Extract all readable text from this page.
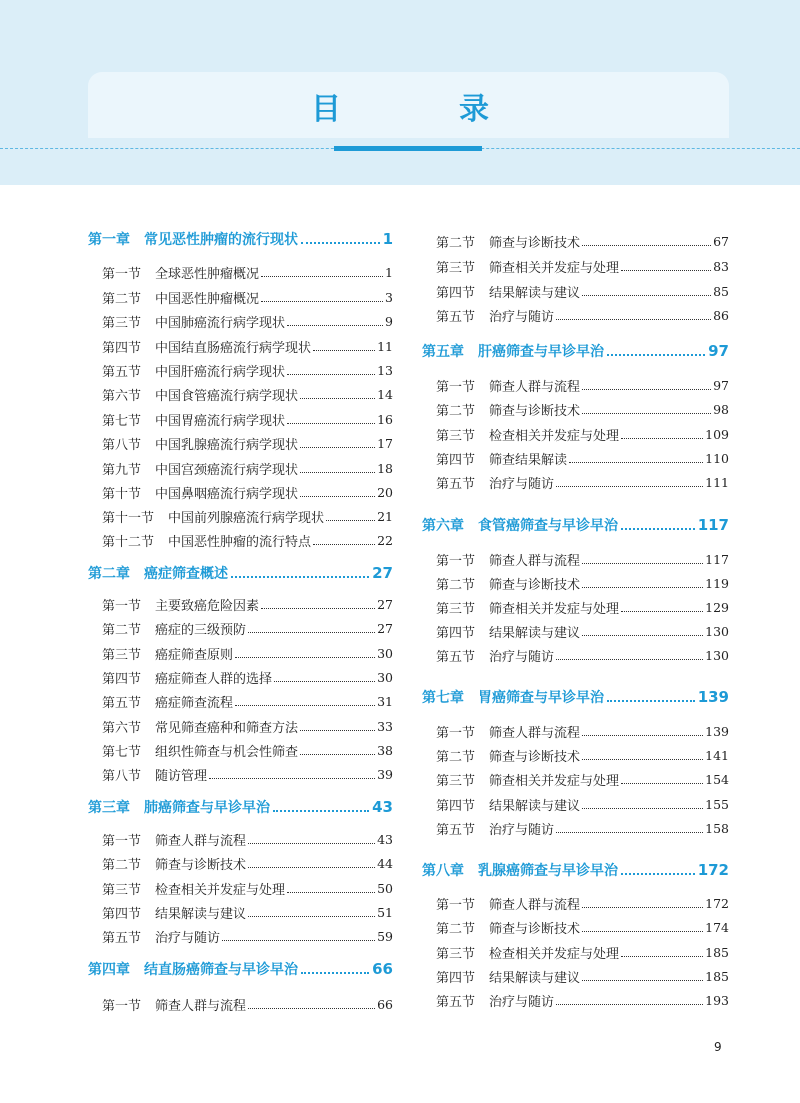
目　录
第一章 常见恶性肿瘤的流行现状	1
第一节 全球恶性肿瘤概况	1
第二节 中国恶性肿瘤概况	3
第三节 中国肺癌流行病学现状	9
第四节 中国结直肠癌流行病学现状	11
第五节 中国肝癌流行病学现状	13
第六节 中国食管癌流行病学现状	14
第七节 中国胃癌流行病学现状	16
第八节 中国乳腺癌流行病学现状	17
第九节 中国宫颈癌流行病学现状	18
第十节 中国鼻咽癌流行病学现状	20
第十一节 中国前列腺癌流行病学现状	21
第十二节 中国恶性肿瘤的流行特点	22
第二章 癌症筛查概述	27
第一节 主要致癌危险因素	27
第二节 癌症的三级预防	27
第三节 癌症筛查原则	30
第四节 癌症筛查人群的选择	30
第五节 癌症筛查流程	31
第六节 常见筛查癌种和筛查方法	33
第七节 组织性筛查与机会性筛查	38
第八节 随访管理	39
第三章 肺癌筛查与早诊早治	43
第一节 筛查人群与流程	43
第二节 筛查与诊断技术	44
第三节 检查相关并发症与处理	50
第四节 结果解读与建议	51
第五节 治疗与随访	59
第四章 结直肠癌筛查与早诊早治	66
第一节 筛查人群与流程	66
第二节 筛查与诊断技术	67
第三节 筛查相关并发症与处理	83
第四节 结果解读与建议	85
第五节 治疗与随访	86
第五章 肝癌筛查与早诊早治	97
第一节 筛查人群与流程	97
第二节 筛查与诊断技术	98
第三节 检查相关并发症与处理	109
第四节 筛查结果解读	110
第五节 治疗与随访	111
第六章 食管癌筛查与早诊早治	117
第一节 筛查人群与流程	117
第二节 筛查与诊断技术	119
第三节 筛查相关并发症与处理	129
第四节 结果解读与建议	130
第五节 治疗与随访	130
第七章 胃癌筛查与早诊早治	139
第一节 筛查人群与流程	139
第二节 筛查与诊断技术	141
第三节 筛查相关并发症与处理	154
第四节 结果解读与建议	155
第五节 治疗与随访	158
第八章 乳腺癌筛查与早诊早治	172
第一节 筛查人群与流程	172
第二节 筛查与诊断技术	174
第三节 检查相关并发症与处理	185
第四节 结果解读与建议	185
第五节 治疗与随访	193
9
